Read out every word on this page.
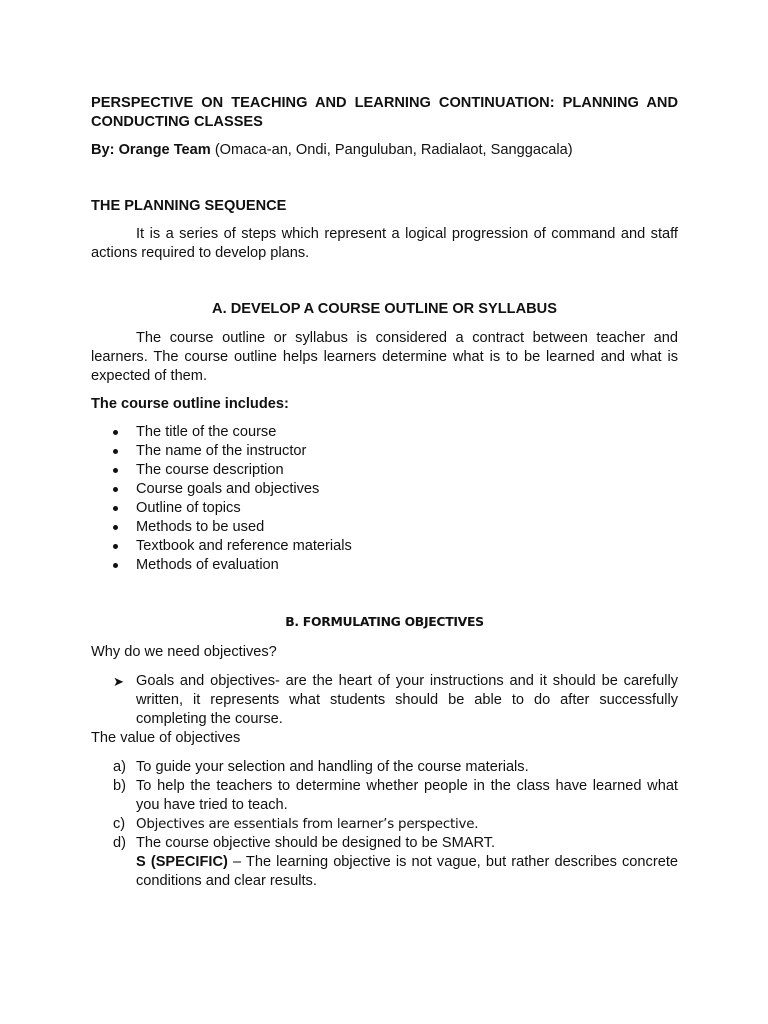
PERSPECTIVE ON TEACHING AND LEARNING CONTINUATION: PLANNING AND CONDUCTING CLASSES

By: Orange Team (Omaca-an, Ondi, Panguluban, Radialaot, Sanggacala)

THE PLANNING SEQUENCE

It is a series of steps which represent a logical progression of command and staff actions required to develop plans.

A. DEVELOP A COURSE OUTLINE OR SYLLABUS

The course outline or syllabus is considered a contract between teacher and learners. The course outline helps learners determine what is to be learned and what is expected of them.

The course outline includes:

The title of the course
The name of the instructor
The course description
Course goals and objectives
Outline of topics
Methods to be used
Textbook and reference materials
Methods of evaluation

B. FORMULATING OBJECTIVES

Why do we need objectives?

➤ Goals and objectives- are the heart of your instructions and it should be carefully written, it represents what students should be able to do after successfully completing the course.

The value of objectives

a) To guide your selection and handling of the course materials.
b) To help the teachers to determine whether people in the class have learned what you have tried to teach.
c) Objectives are essentials from learner’s perspective.
d) The course objective should be designed to be SMART.
S (SPECIFIC) – The learning objective is not vague, but rather describes concrete conditions and clear results.
